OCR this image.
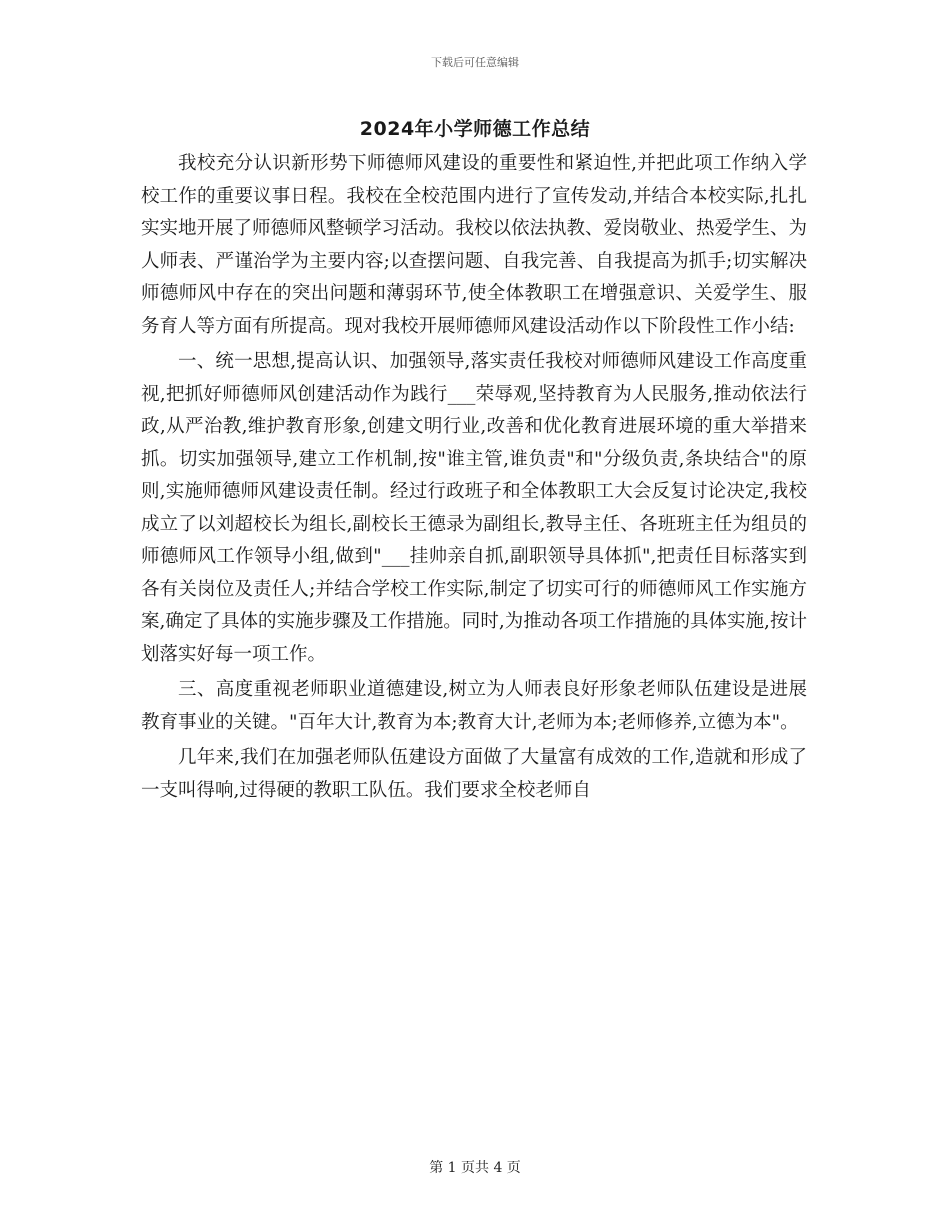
下载后可任意编辑
2024年小学师德工作总结

我校充分认识新形势下师德师风建设的重要性和紧迫性,并把此项工作纳入学校工作的重要议事日程。我校在全校范围内进行了宣传发动,并结合本校实际,扎扎实实地开展了师德师风整顿学习活动。我校以依法执教、爱岗敬业、热爱学生、为人师表、严谨治学为主要内容;以查摆问题、自我完善、自我提高为抓手;切实解决师德师风中存在的突出问题和薄弱环节,使全体教职工在增强意识、关爱学生、服务育人等方面有所提高。现对我校开展师德师风建设活动作以下阶段性工作小结:

一、统一思想,提高认识、加强领导,落实责任我校对师德师风建设工作高度重视,把抓好师德师风创建活动作为践行___荣辱观,坚持教育为人民服务,推动依法行政,从严治教,维护教育形象,创建文明行业,改善和优化教育进展环境的重大举措来抓。切实加强领导,建立工作机制,按"谁主管,谁负责"和"分级负责,条块结合"的原则,实施师德师风建设责任制。经过行政班子和全体教职工大会反复讨论决定,我校成立了以刘超校长为组长,副校长王德录为副组长,教导主任、各班班主任为组员的师德师风工作领导小组,做到"___挂帅亲自抓,副职领导具体抓",把责任目标落实到各有关岗位及责任人;并结合学校工作实际,制定了切实可行的师德师风工作实施方案,确定了具体的实施步骤及工作措施。同时,为推动各项工作措施的具体实施,按计划落实好每一项工作。

三、高度重视老师职业道德建设,树立为人师表良好形象老师队伍建设是进展教育事业的关键。"百年大计,教育为本;教育大计,老师为本;老师修养,立德为本"。

几年来,我们在加强老师队伍建设方面做了大量富有成效的工作,造就和形成了一支叫得响,过得硬的教职工队伍。我们要求全校老师自

第 1 页共 4 页
